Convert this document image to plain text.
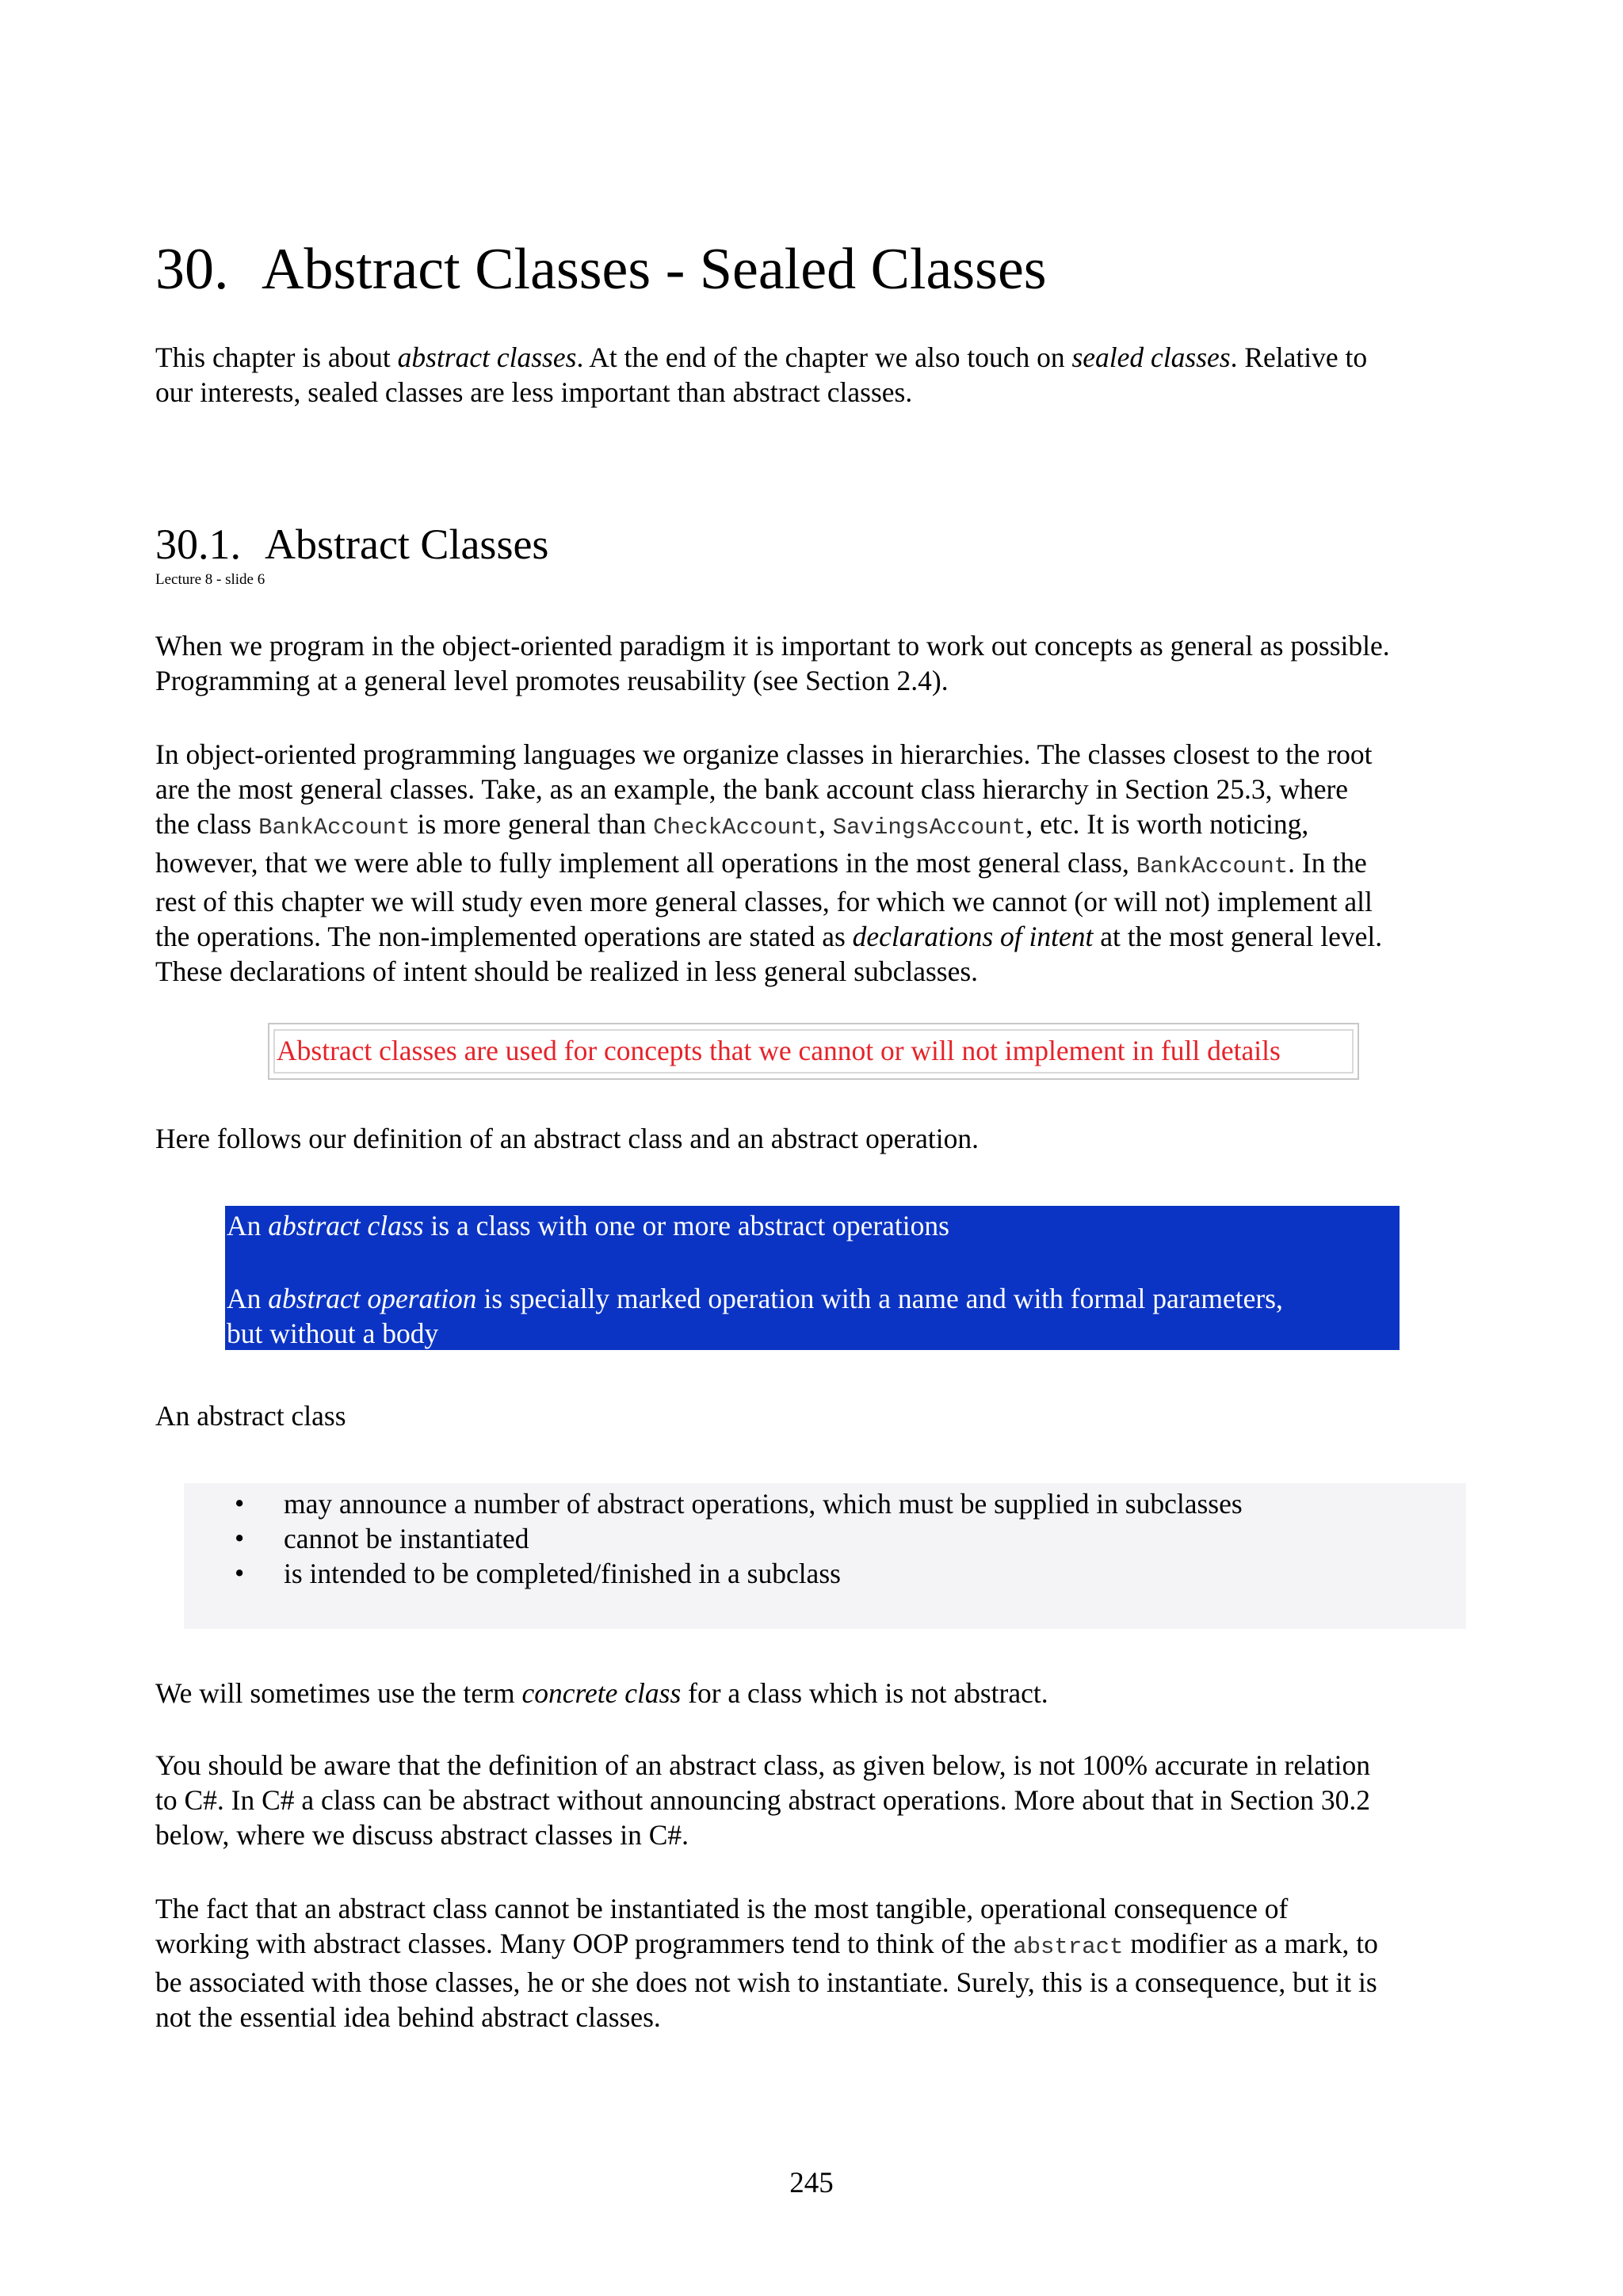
30. Abstract Classes - Sealed Classes
This chapter is about abstract classes. At the end of the chapter we also touch on sealed classes. Relative to
our interests, sealed classes are less important than abstract classes.
30.1. Abstract Classes
Lecture 8 - slide 6
When we program in the object-oriented paradigm it is important to work out concepts as general as possible.
Programming at a general level promotes reusability (see Section 2.4).
In object-oriented programming languages we organize classes in hierarchies. The classes closest to the root
are the most general classes. Take, as an example, the bank account class hierarchy in Section 25.3, where
the class BankAccount is more general than CheckAccount, SavingsAccount, etc. It is worth noticing,
however, that we were able to fully implement all operations in the most general class, BankAccount. In the
rest of this chapter we will study even more general classes, for which we cannot (or will not) implement all
the operations. The non-implemented operations are stated as declarations of intent at the most general level.
These declarations of intent should be realized in less general subclasses.
Abstract classes are used for concepts that we cannot or will not implement in full details
Here follows our definition of an abstract class and an abstract operation.
An abstract class is a class with one or more abstract operations
An abstract operation is specially marked operation with a name and with formal parameters,
but without a body
An abstract class
• may announce a number of abstract operations, which must be supplied in subclasses
• cannot be instantiated
• is intended to be completed/finished in a subclass
We will sometimes use the term concrete class for a class which is not abstract.
You should be aware that the definition of an abstract class, as given below, is not 100% accurate in relation
to C#. In C# a class can be abstract without announcing abstract operations. More about that in Section 30.2
below, where we discuss abstract classes in C#.
The fact that an abstract class cannot be instantiated is the most tangible, operational consequence of
working with abstract classes. Many OOP programmers tend to think of the abstract modifier as a mark, to
be associated with those classes, he or she does not wish to instantiate. Surely, this is a consequence, but it is
not the essential idea behind abstract classes.
245
